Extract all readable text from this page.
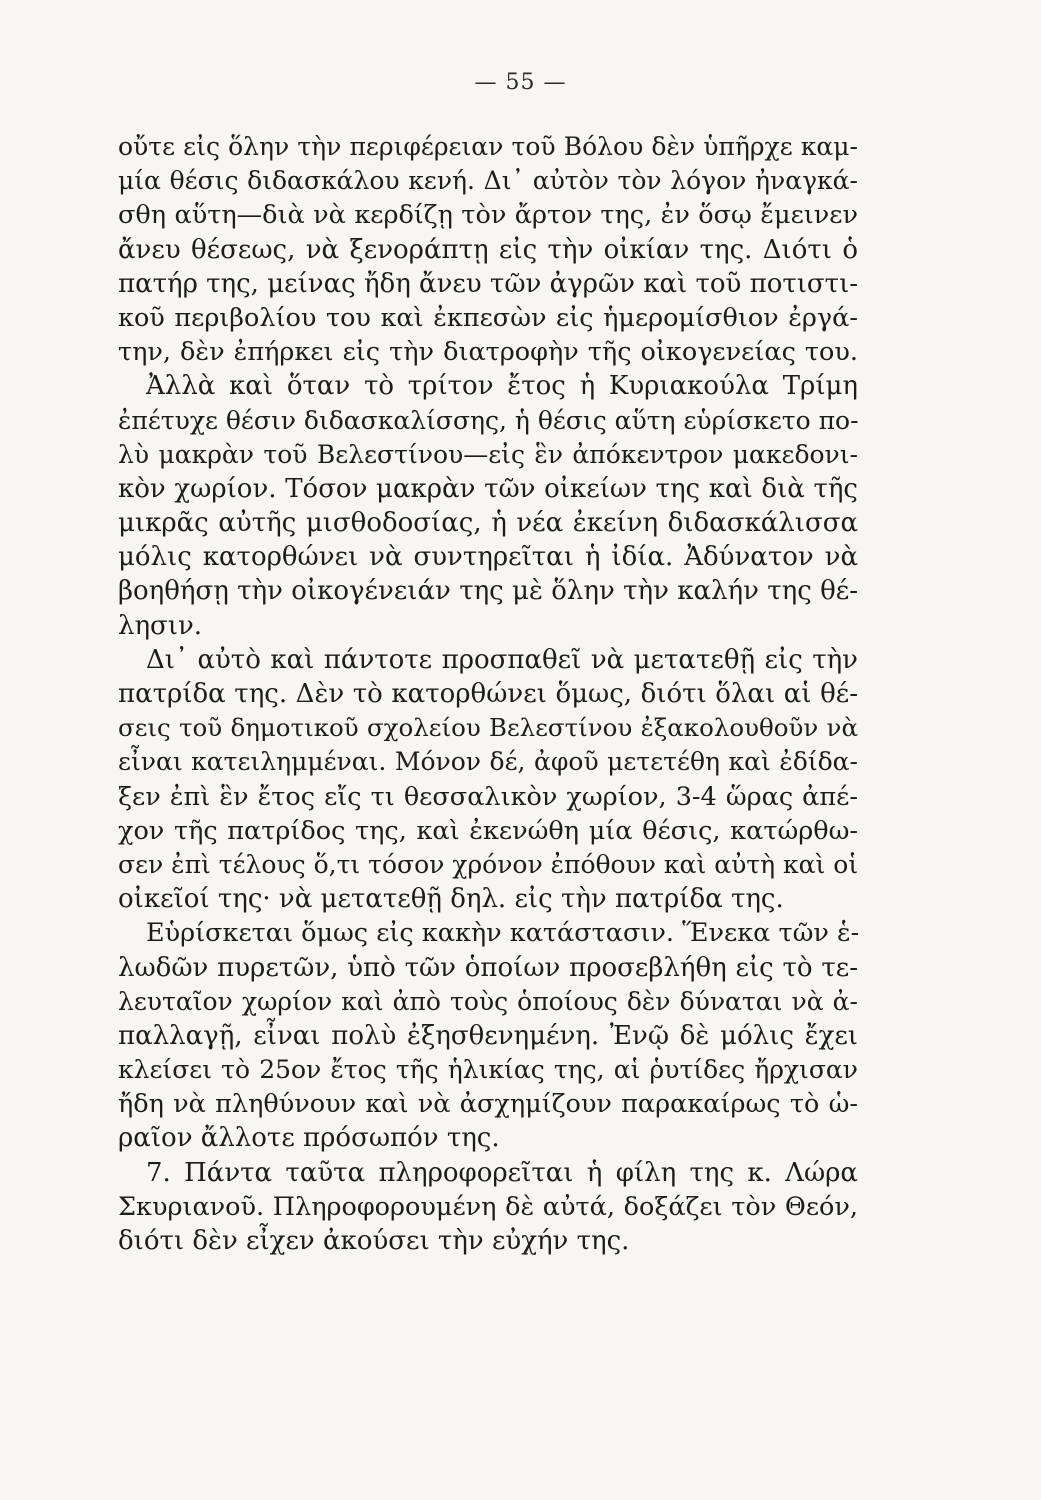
— 55 —
οὔτε εἰς ὅλην τὴν περιφέρειαν τοῦ Βόλου δὲν ὑπῆρχε καμ-
μία θέσις διδασκάλου κενή. Δι᾽ αὐτὸν τὸν λόγον ἠναγκά-
σθη αὕτη—διὰ νὰ κερδίζῃ τὸν ἄρτον της, ἐν ὅσῳ ἔμεινεν
ἄνευ θέσεως, νὰ ξενοράπτῃ εἰς τὴν οἰκίαν της. Διότι ὁ
πατήρ της, μείνας ἤδη ἄνευ τῶν ἀγρῶν καὶ τοῦ ποτιστι-
κοῦ περιβολίου του καὶ ἐκπεσὼν εἰς ἡμερομίσθιον ἐργά-
την, δὲν ἐπήρκει εἰς τὴν διατροφὴν τῆς οἰκογενείας του.
Ἀλλὰ καὶ ὅταν τὸ τρίτον ἔτος ἡ Κυριακούλα Τρίμη
ἐπέτυχε θέσιν διδασκαλίσσης, ἡ θέσις αὕτη εὑρίσκετο πο-
λὺ μακρὰν τοῦ Βελεστίνου—εἰς ἓν ἀπόκεντρον μακεδονι-
κὸν χωρίον. Τόσον μακρὰν τῶν οἰκείων της καὶ διὰ τῆς
μικρᾶς αὐτῆς μισθοδοσίας, ἡ νέα ἐκείνη διδασκάλισσα
μόλις κατορθώνει νὰ συντηρεῖται ἡ ἰδία. Ἀδύνατον νὰ
βοηθήσῃ τὴν οἰκογένειάν της μὲ ὅλην τὴν καλήν της θέ-
λησιν.
Δι᾽ αὐτὸ καὶ πάντοτε προσπαθεῖ νὰ μετατεθῇ εἰς τὴν
πατρίδα της. Δὲν τὸ κατορθώνει ὅμως, διότι ὅλαι αἱ θέ-
σεις τοῦ δημοτικοῦ σχολείου Βελεστίνου ἐξακολουθοῦν νὰ
εἶναι κατειλημμέναι. Μόνον δέ, ἀφοῦ μετετέθη καὶ ἐδίδα-
ξεν ἐπὶ ἓν ἔτος εἴς τι θεσσαλικὸν χωρίον, 3-4 ὥρας ἀπέ-
χον τῆς πατρίδος της, καὶ ἐκενώθη μία θέσις, κατώρθω-
σεν ἐπὶ τέλους ὅ,τι τόσον χρόνον ἐπόθουν καὶ αὐτὴ καὶ οἱ
οἰκεῖοί της· νὰ μετατεθῇ δηλ. εἰς τὴν πατρίδα της.
Εὑρίσκεται ὅμως εἰς κακὴν κατάστασιν. Ἕνεκα τῶν ἑ-
λωδῶν πυρετῶν, ὑπὸ τῶν ὁποίων προσεβλήθη εἰς τὸ τε-
λευταῖον χωρίον καὶ ἀπὸ τοὺς ὁποίους δὲν δύναται νὰ ἀ-
παλλαγῇ, εἶναι πολὺ ἐξησθενημένη. Ἐνῷ δὲ μόλις ἔχει
κλείσει τὸ 25ον ἔτος τῆς ἡλικίας της, αἱ ῥυτίδες ἤρχισαν
ἤδη νὰ πληθύνουν καὶ νὰ ἀσχημίζουν παρακαίρως τὸ ὡ-
ραῖον ἄλλοτε πρόσωπόν της.
7. Πάντα ταῦτα πληροφορεῖται ἡ φίλη της κ. Λώρα
Σκυριανοῦ. Πληροφορουμένη δὲ αὐτά, δοξάζει τὸν Θεόν,
διότι δὲν εἶχεν ἀκούσει τὴν εὐχήν της.
